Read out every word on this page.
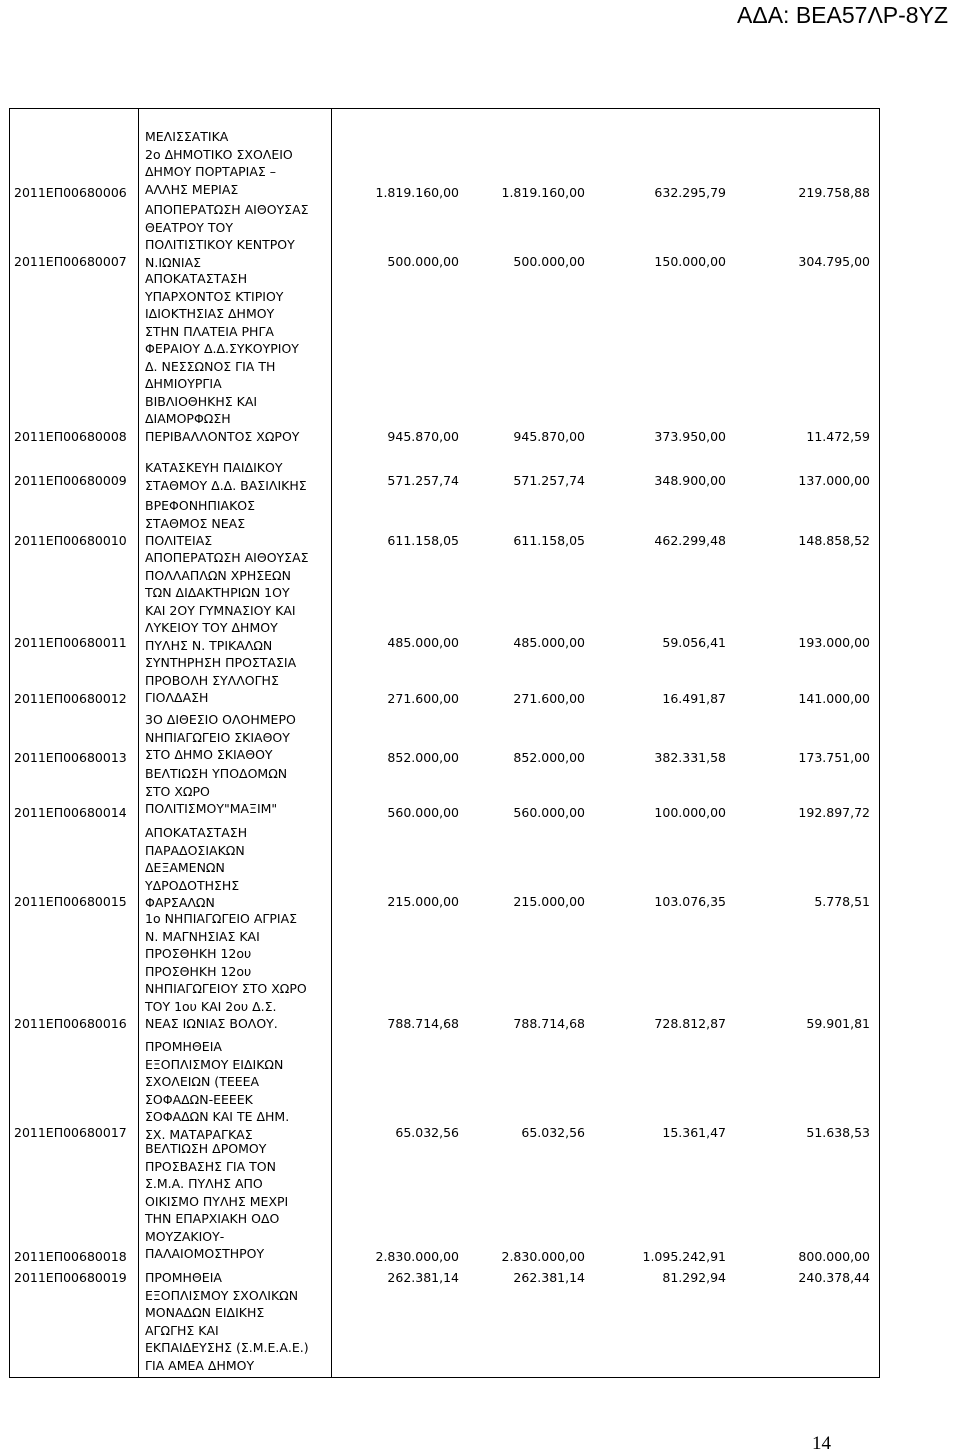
ΑΔΑ: ΒΕΑ57ΛΡ-8ΥΖ
2011ΕΠ00680006
ΜΕΛΙΣΣΑΤΙΚΑ
2ο ΔΗΜΟΤΙΚΟ ΣΧΟΛΕΙΟ
ΔΗΜΟΥ ΠΟΡΤΑΡΙΑΣ –
ΑΛΛΗΣ ΜΕΡΙΑΣ	1.819.160,00	1.819.160,00	632.295,79	219.758,88
2011ΕΠ00680007
ΑΠΟΠΕΡΑΤΩΣΗ ΑΙΘΟΥΣΑΣ
ΘΕΑΤΡΟΥ ΤΟΥ
ΠΟΛΙΤΙΣΤΙΚΟΥ ΚΕΝΤΡΟΥ
Ν.ΙΩΝΙΑΣ	500.000,00	500.000,00	150.000,00	304.795,00
2011ΕΠ00680008
ΑΠΟΚΑΤΑΣΤΑΣΗ
ΥΠΑΡΧΟΝΤΟΣ ΚΤΙΡΙΟΥ
ΙΔΙΟΚΤΗΣΙΑΣ ΔΗΜΟΥ
ΣΤΗΝ ΠΛΑΤΕΙΑ ΡΗΓΑ
ΦΕΡΑΙΟΥ Δ.Δ.ΣΥΚΟΥΡΙΟΥ
Δ. ΝΕΣΣΩΝΟΣ ΓΙΑ ΤΗ
ΔΗΜΙΟΥΡΓΙΑ
ΒΙΒΛΙΟΘΗΚΗΣ ΚΑΙ
ΔΙΑΜΟΡΦΩΣΗ
ΠΕΡΙΒΑΛΛΟΝΤΟΣ ΧΩΡΟΥ	945.870,00	945.870,00	373.950,00	11.472,59
2011ΕΠ00680009
ΚΑΤΑΣΚΕΥΗ ΠΑΙΔΙΚΟΥ
ΣΤΑΘΜΟΥ Δ.Δ. ΒΑΣΙΛΙΚΗΣ	571.257,74	571.257,74	348.900,00	137.000,00
2011ΕΠ00680010
ΒΡΕΦΟΝΗΠΙΑΚΟΣ
ΣΤΑΘΜΟΣ ΝΕΑΣ
ΠΟΛΙΤΕΙΑΣ	611.158,05	611.158,05	462.299,48	148.858,52
2011ΕΠ00680011
ΑΠΟΠΕΡΑΤΩΣΗ ΑΙΘΟΥΣΑΣ
ΠΟΛΛΑΠΛΩΝ ΧΡΗΣΕΩΝ
ΤΩΝ ΔΙΔΑΚΤΗΡΙΩΝ 1ΟΥ
ΚΑΙ 2ΟΥ ΓΥΜΝΑΣΙΟΥ ΚΑΙ
ΛΥΚΕΙΟΥ ΤΟΥ ΔΗΜΟΥ
ΠΥΛΗΣ Ν. ΤΡΙΚΑΛΩΝ	485.000,00	485.000,00	59.056,41	193.000,00
2011ΕΠ00680012
ΣΥΝΤΗΡΗΣΗ ΠΡΟΣΤΑΣΙΑ
ΠΡΟΒΟΛΗ ΣΥΛΛΟΓΗΣ
ΓΙΟΛΔΑΣΗ	271.600,00	271.600,00	16.491,87	141.000,00
2011ΕΠ00680013
3Ο ΔΙΘΕΣΙΟ ΟΛΟΗΜΕΡΟ
ΝΗΠΙΑΓΩΓΕΙΟ ΣΚΙΑΘΟΥ
ΣΤΟ ΔΗΜΟ ΣΚΙΑΘΟΥ	852.000,00	852.000,00	382.331,58	173.751,00
2011ΕΠ00680014
ΒΕΛΤΙΩΣΗ ΥΠΟΔΟΜΩΝ
ΣΤΟ ΧΩΡΟ
ΠΟΛΙΤΙΣΜΟΥ"ΜΑΞΙΜ"	560.000,00	560.000,00	100.000,00	192.897,72
2011ΕΠ00680015
ΑΠΟΚΑΤΑΣΤΑΣΗ
ΠΑΡΑΔΟΣΙΑΚΩΝ
ΔΕΞΑΜΕΝΩΝ
ΥΔΡΟΔΟΤΗΣΗΣ
ΦΑΡΣΑΛΩΝ	215.000,00	215.000,00	103.076,35	5.778,51
2011ΕΠ00680016
1ο ΝΗΠΙΑΓΩΓΕΙΟ ΑΓΡΙΑΣ
Ν. ΜΑΓΝΗΣΙΑΣ ΚΑΙ
ΠΡΟΣΘΗΚΗ 12ου
ΠΡΟΣΘΗΚΗ 12ου
ΝΗΠΙΑΓΩΓΕΙΟΥ ΣΤΟ ΧΩΡΟ
ΤΟΥ 1ου ΚΑΙ 2ου Δ.Σ.
ΝΕΑΣ ΙΩΝΙΑΣ ΒΟΛΟΥ.	788.714,68	788.714,68	728.812,87	59.901,81
2011ΕΠ00680017
ΠΡΟΜΗΘΕΙΑ
ΕΞΟΠΛΙΣΜΟΥ ΕΙΔΙΚΩΝ
ΣΧΟΛΕΙΩΝ (ΤΕΕΕΑ
ΣΟΦΑΔΩΝ-ΕΕΕΕΚ
ΣΟΦΑΔΩΝ ΚΑΙ ΤΕ ΔΗΜ.
ΣΧ. ΜΑΤΑΡΑΓΚΑΣ	65.032,56	65.032,56	15.361,47	51.638,53
2011ΕΠ00680018
ΒΕΛΤΙΩΣΗ ΔΡΟΜΟΥ
ΠΡΟΣΒΑΣΗΣ ΓΙΑ ΤΟΝ
Σ.Μ.Α. ΠΥΛΗΣ ΑΠΟ
ΟΙΚΙΣΜΟ ΠΥΛΗΣ ΜΕΧΡΙ
ΤΗΝ ΕΠΑΡΧΙΑΚΗ ΟΔΟ
ΜΟΥΖΑΚΙΟΥ-
ΠΑΛΑΙΟΜΟΣΤΗΡΟΥ	2.830.000,00	2.830.000,00	1.095.242,91	800.000,00
2011ΕΠ00680019 ΠΡΟΜΗΘΕΙΑ
ΕΞΟΠΛΙΣΜΟΥ ΣΧΟΛΙΚΩΝ
ΜΟΝΑΔΩΝ ΕΙΔΙΚΗΣ
ΑΓΩΓΗΣ ΚΑΙ
ΕΚΠΑΙΔΕΥΣΗΣ (Σ.Μ.Ε.Α.Ε.)
ΓΙΑ ΑΜΕΑ ΔΗΜΟΥ
262.381,14	262.381,14	81.292,94	240.378,44
14
